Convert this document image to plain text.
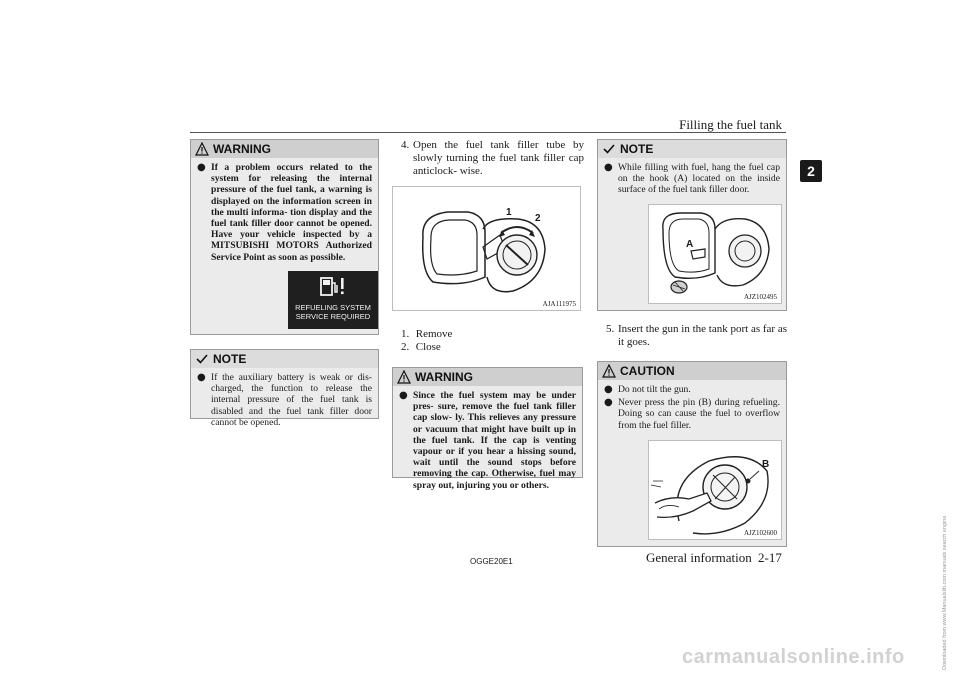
Filling the fuel tank
2
WARNING
● If a problem occurs related to the system for releasing the internal pressure of the fuel tank, a warning is displayed on the information screen in the multi informa- tion display and the fuel tank filler door cannot be opened. Have your vehicle inspected by a MITSUBISHI MOTORS Authorized Service Point as soon as possible.
REFUELING SYSTEM
SERVICE REQUIRED
NOTE
● If the auxiliary battery is weak or dis- charged, the function to release the internal pressure of the fuel tank is disabled and the fuel tank filler door cannot be opened.
4. Open the fuel tank filler tube by slowly turning the fuel tank filler cap anticlock- wise.
1
2
AJA111975
1. Remove
2. Close
WARNING
● Since the fuel system may be under pres- sure, remove the fuel tank filler cap slow- ly. This relieves any pressure or vacuum that might have built up in the fuel tank. If the cap is venting vapour or if you hear a hissing sound, wait until the sound stops before removing the cap. Otherwise, fuel may spray out, injuring you or others.
NOTE
● While filling with fuel, hang the fuel cap on the hook (A) located on the inside surface of the fuel tank filler door.
A
AJZ102495
5. Insert the gun in the tank port as far as it goes.
CAUTION
● Do not tilt the gun.
● Never press the pin (B) during refueling. Doing so can cause the fuel to overflow from the fuel filler.
B
AJZ102600
OGGE20E1	General information 2-17
carmanualsonline.info	Downloaded from www.Manualslib.com manuals search engine
